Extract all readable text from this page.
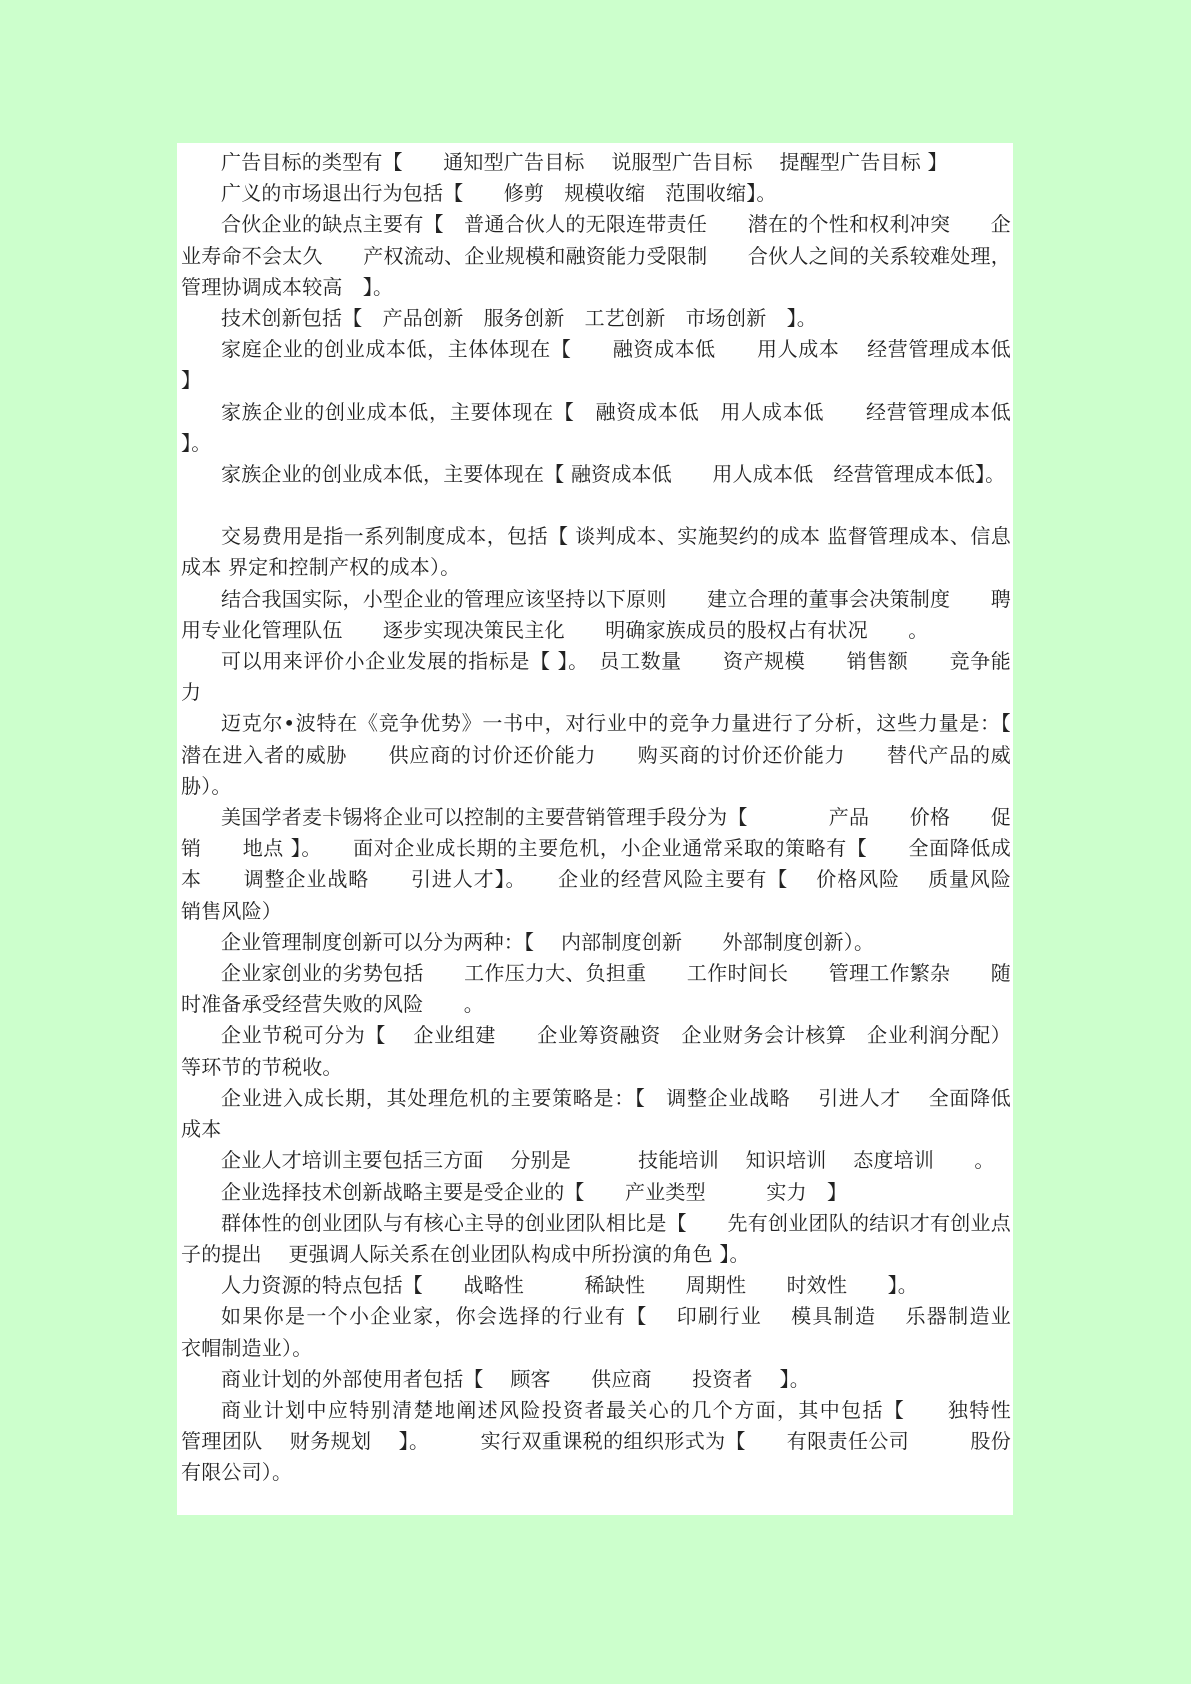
广告目标的类型有【　　通知型广告目标　 说服型广告目标　 提醒型广告目标 】

广义的市场退出行为包括【　　修剪　规模收缩　范围收缩】。

合伙企业的缺点主要有【　普通合伙人的无限连带责任　　潜在的个性和权利冲突　　企业寿命不会太久　　产权流动、企业规模和融资能力受限制　　合伙人之间的关系较难处理，管理协调成本较高　】。

技术创新包括【　产品创新　服务创新　工艺创新　市场创新　】。

家庭企业的创业成本低，主体体现在【　　融资成本低　　用人成本　 经营管理成本低 】

家族企业的创业成本低，主要体现在【　融资成本低　用人成本低　　经营管理成本低 】。

家族企业的创业成本低，主要体现在【 融资成本低　　用人成本低　经营管理成本低】。

交易费用是指一系列制度成本，包括【 谈判成本、实施契约的成本 监督管理成本、信息成本 界定和控制产权的成本）。

结合我国实际，小型企业的管理应该坚持以下原则　　建立合理的董事会决策制度　　聘用专业化管理队伍　　逐步实现决策民主化　　明确家族成员的股权占有状况　　。

可以用来评价小企业发展的指标是【 】。　员工数量　　资产规模　　销售额　　竞争能力

迈克尔•波特在《竞争优势》一书中，对行业中的竞争力量进行了分析，这些力量是：【　　潜在进入者的威胁　　供应商的讨价还价能力　　购买商的讨价还价能力　　替代产品的威胁）。

美国学者麦卡锡将企业可以控制的主要营销管理手段分为【　　　　产品　　价格　　促销　　地点 】。　　面对企业成长期的主要危机，小企业通常采取的策略有【　　全面降低成本　　调整企业战略　　引进人才】。　　企业的经营风险主要有【　 价格风险　 质量风险　 销售风险）

企业管理制度创新可以分为两种：【　 内部制度创新　　外部制度创新）。

企业家创业的劣势包括　　工作压力大、负担重　　工作时间长　　管理工作繁杂　　随时准备承受经营失败的风险　　。

企业节税可分为【　 企业组建　　企业筹资融资　企业财务会计核算　企业利润分配）等环节的节税收。

企业进入成长期，其处理危机的主要策略是：【　调整企业战略　 引进人才　 全面降低成本

企业人才培训主要包括三方面　 分别是　　　 技能培训　 知识培训　 态度培训　　。

企业选择技术创新战略主要是受企业的【　　产业类型　　　实力　】

群体性的创业团队与有核心主导的创业团队相比是【　　先有创业团队的结识才有创业点子的提出　 更强调人际关系在创业团队构成中所扮演的角色 】。

人力资源的特点包括【　　战略性　　　稀缺性　　周期性　　时效性　　】。

如果你是一个小企业家，你会选择的行业有【　 印刷行业　 模具制造　 乐器制造业　 衣帽制造业）。

商业计划的外部使用者包括【　 顾客　　供应商　　投资者　 】。

商业计划中应特别清楚地阐述风险投资者最关心的几个方面，其中包括【　　独特性　　管理团队　 财务规划　 】。　　　实行双重课税的组织形式为【　　有限责任公司　　　股份有限公司）。
